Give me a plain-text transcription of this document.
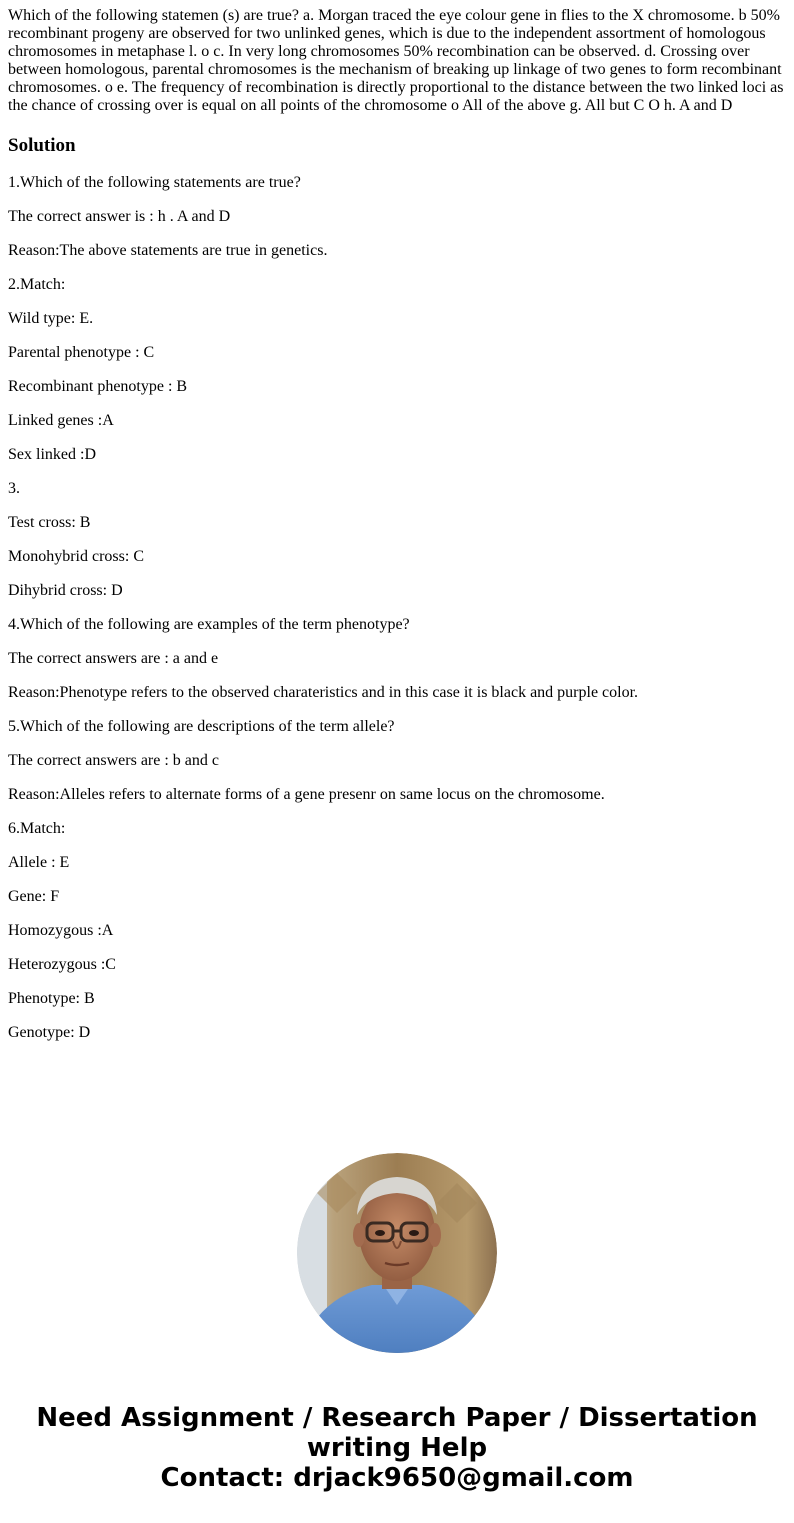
Which of the following statemen (s) are true? a. Morgan traced the eye colour gene in flies to the X chromosome. b 50% recombinant progeny are observed for two unlinked genes, which is due to the independent assortment of homologous chromosomes in metaphase l. o c. In very long chromosomes 50% recombination can be observed. d. Crossing over between homologous, parental chromosomes is the mechanism of breaking up linkage of two genes to form recombinant chromosomes. o e. The frequency of recombination is directly proportional to the distance between the two linked loci as the chance of crossing over is equal on all points of the chromosome o All of the above g. All but C O h. A and D

Solution

1.Which of the following statements are true?

The correct answer is : h . A and D

Reason:The above statements are true in genetics.

2.Match:

Wild type: E.

Parental phenotype : C

Recombinant phenotype : B

Linked genes :A

Sex linked :D

3.

Test cross: B

Monohybrid cross: C

Dihybrid cross: D

4.Which of the following are examples of the term phenotype?

The correct answers are : a and e

Reason:Phenotype refers to the observed charateristics and in this case it is black and purple color.

5.Which of the following are descriptions of the term allele?

The correct answers are : b and c

Reason:Alleles refers to alternate forms of a gene presenr on same locus on the chromosome.

6.Match:

Allele : E

Gene: F

Homozygous :A

Heterozygous :C

Phenotype: B

Genotype: D

Need Assignment / Research Paper / Dissertation
writing Help
Contact: drjack9650@gmail.com
